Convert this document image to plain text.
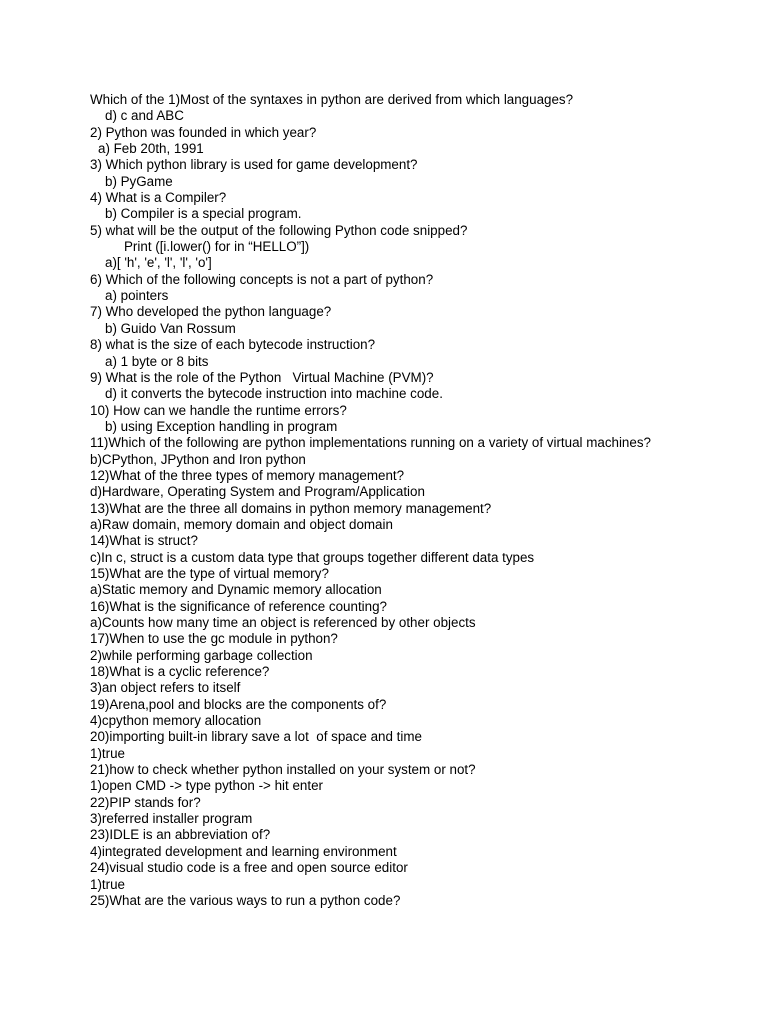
Which of the 1)Most of the syntaxes in python are derived from which languages?

d) c and ABC

2) Python was founded in which year?

a) Feb 20th, 1991

3) Which python library is used for game development?

b) PyGame

4) What is a Compiler?

b) Compiler is a special program.

5) what will be the output of the following Python code snipped?

Print ([i.lower() for in “HELLO”])

a)[ 'h', 'e', 'l', 'l', 'o']

6) Which of the following concepts is not a part of python?

a) pointers

7) Who developed the python language?

b) Guido Van Rossum

8) what is the size of each bytecode instruction?

a) 1 byte or 8 bits

9) What is the role of the Python   Virtual Machine (PVM)?

d) it converts the bytecode instruction into machine code.

10) How can we handle the runtime errors?

b) using Exception handling in program

11)Which of the following are python implementations running on a variety of virtual machines?

b)CPython, JPython and Iron python

12)What of the three types of memory management?

d)Hardware, Operating System and Program/Application

13)What are the three all domains in python memory management?

a)Raw domain, memory domain and object domain

14)What is struct?

c)In c, struct is a custom data type that groups together different data types

15)What are the type of virtual memory?

a)Static memory and Dynamic memory allocation

16)What is the significance of reference counting?

a)Counts how many time an object is referenced by other objects

17)When to use the gc module in python?

2)while performing garbage collection

18)What is a cyclic reference?

3)an object refers to itself

19)Arena,pool and blocks are the components of?

4)cpython memory allocation

20)importing built-in library save a lot  of space and time

1)true

21)how to check whether python installed on your system or not?

1)open CMD -> type python -> hit enter

22)PIP stands for?

3)referred installer program

23)IDLE is an abbreviation of?

4)integrated development and learning environment

24)visual studio code is a free and open source editor

1)true

25)What are the various ways to run a python code?
